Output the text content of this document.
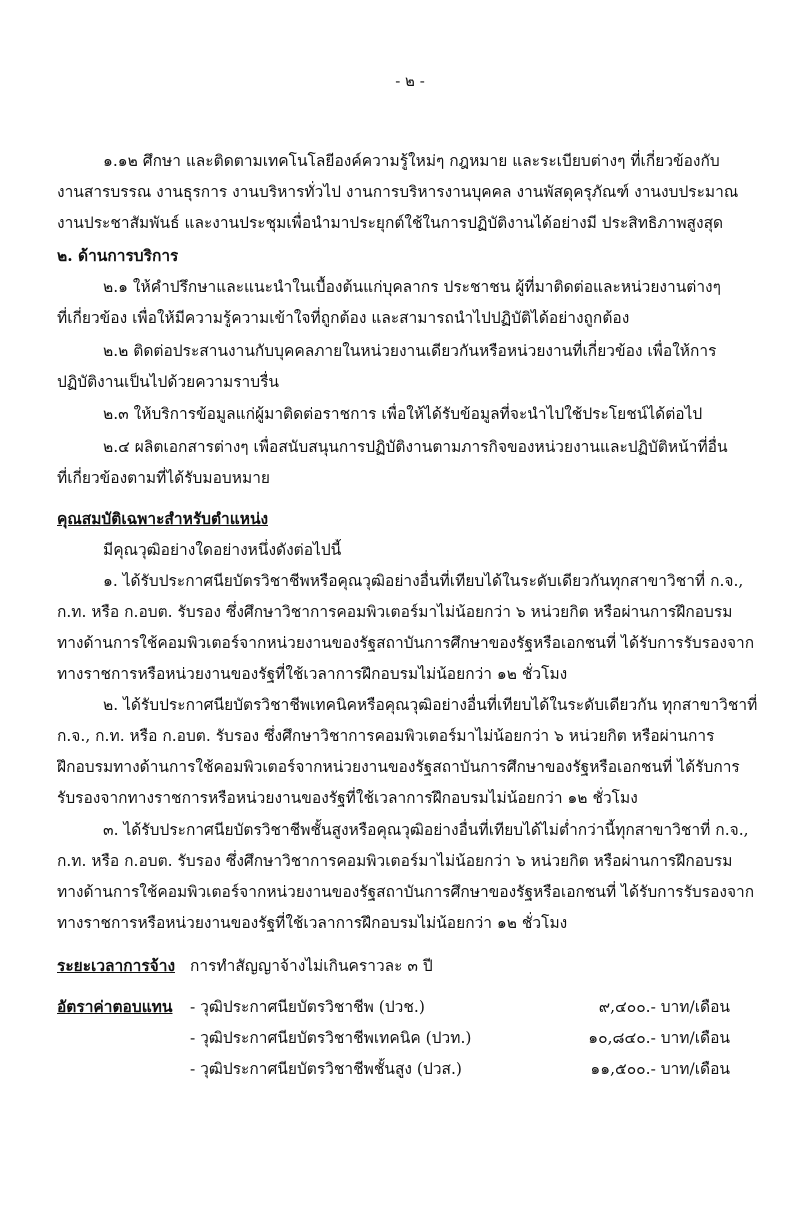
- ๒ -
๑.๑๒ ศึกษา และติดตามเทคโนโลยีองค์ความรู้ใหม่ๆ กฎหมาย และระเบียบต่างๆ ที่เกี่ยวข้องกับ
งานสารบรรณ งานธุรการ งานบริหารทั่วไป งานการบริหารงานบุคคล งานพัสดุครุภัณฑ์ งานงบประมาณ
งานประชาสัมพันธ์ และงานประชุมเพื่อนำมาประยุกต์ใช้ในการปฏิบัติงานได้อย่างมี ประสิทธิภาพสูงสุด
๒. ด้านการบริการ
๒.๑ ให้คำปรึกษาและแนะนำในเบื้องต้นแก่บุคลากร ประชาชน ผู้ที่มาติดต่อและหน่วยงานต่างๆ
ที่เกี่ยวข้อง เพื่อให้มีความรู้ความเข้าใจที่ถูกต้อง และสามารถนำไปปฏิบัติได้อย่างถูกต้อง
๒.๒ ติดต่อประสานงานกับบุคคลภายในหน่วยงานเดียวกันหรือหน่วยงานที่เกี่ยวข้อง เพื่อให้การ
ปฏิบัติงานเป็นไปด้วยความราบรื่น
๒.๓ ให้บริการข้อมูลแก่ผู้มาติดต่อราชการ เพื่อให้ได้รับข้อมูลที่จะนำไปใช้ประโยชน์ได้ต่อไป
๒.๔ ผลิตเอกสารต่างๆ เพื่อสนับสนุนการปฏิบัติงานตามภารกิจของหน่วยงานและปฏิบัติหน้าที่อื่น
ที่เกี่ยวข้องตามที่ได้รับมอบหมาย
คุณสมบัติเฉพาะสำหรับตำแหน่ง
มีคุณวุฒิอย่างใดอย่างหนึ่งดังต่อไปนี้
๑. ได้รับประกาศนียบัตรวิชาชีพหรือคุณวุฒิอย่างอื่นที่เทียบได้ในระดับเดียวกันทุกสาขาวิชาที่ ก.จ.,
ก.ท. หรือ ก.อบต. รับรอง ซึ่งศึกษาวิชาการคอมพิวเตอร์มาไม่น้อยกว่า ๖ หน่วยกิต หรือผ่านการฝึกอบรม
ทางด้านการใช้คอมพิวเตอร์จากหน่วยงานของรัฐสถาบันการศึกษาของรัฐหรือเอกชนที่ ได้รับการรับรองจาก
ทางราชการหรือหน่วยงานของรัฐที่ใช้เวลาการฝึกอบรมไม่น้อยกว่า ๑๒ ชั่วโมง
๒. ได้รับประกาศนียบัตรวิชาชีพเทคนิคหรือคุณวุฒิอย่างอื่นที่เทียบได้ในระดับเดียวกัน ทุกสาขาวิชาที่
ก.จ., ก.ท. หรือ ก.อบต. รับรอง ซึ่งศึกษาวิชาการคอมพิวเตอร์มาไม่น้อยกว่า ๖ หน่วยกิต หรือผ่านการ
ฝึกอบรมทางด้านการใช้คอมพิวเตอร์จากหน่วยงานของรัฐสถาบันการศึกษาของรัฐหรือเอกชนที่ ได้รับการ
รับรองจากทางราชการหรือหน่วยงานของรัฐที่ใช้เวลาการฝึกอบรมไม่น้อยกว่า ๑๒ ชั่วโมง
๓. ได้รับประกาศนียบัตรวิชาชีพชั้นสูงหรือคุณวุฒิอย่างอื่นที่เทียบได้ไม่ต่ำกว่านี้ทุกสาขาวิชาที่ ก.จ.,
ก.ท. หรือ ก.อบต. รับรอง ซึ่งศึกษาวิชาการคอมพิวเตอร์มาไม่น้อยกว่า ๖ หน่วยกิต หรือผ่านการฝึกอบรม
ทางด้านการใช้คอมพิวเตอร์จากหน่วยงานของรัฐสถาบันการศึกษาของรัฐหรือเอกชนที่ ได้รับการรับรองจาก
ทางราชการหรือหน่วยงานของรัฐที่ใช้เวลาการฝึกอบรมไม่น้อยกว่า ๑๒ ชั่วโมง
ระยะเวลาการจ้าง การทำสัญญาจ้างไม่เกินคราวละ ๓ ปี
อัตราค่าตอบแทน - วุฒิประกาศนียบัตรวิชาชีพ (ปวช.)	๙,๔๐๐.- บาท/เดือน
- วุฒิประกาศนียบัตรวิชาชีพเทคนิค (ปวท.)	๑๐,๘๔๐.- บาท/เดือน
- วุฒิประกาศนียบัตรวิชาชีพชั้นสูง (ปวส.)	๑๑,๕๐๐.- บาท/เดือน
